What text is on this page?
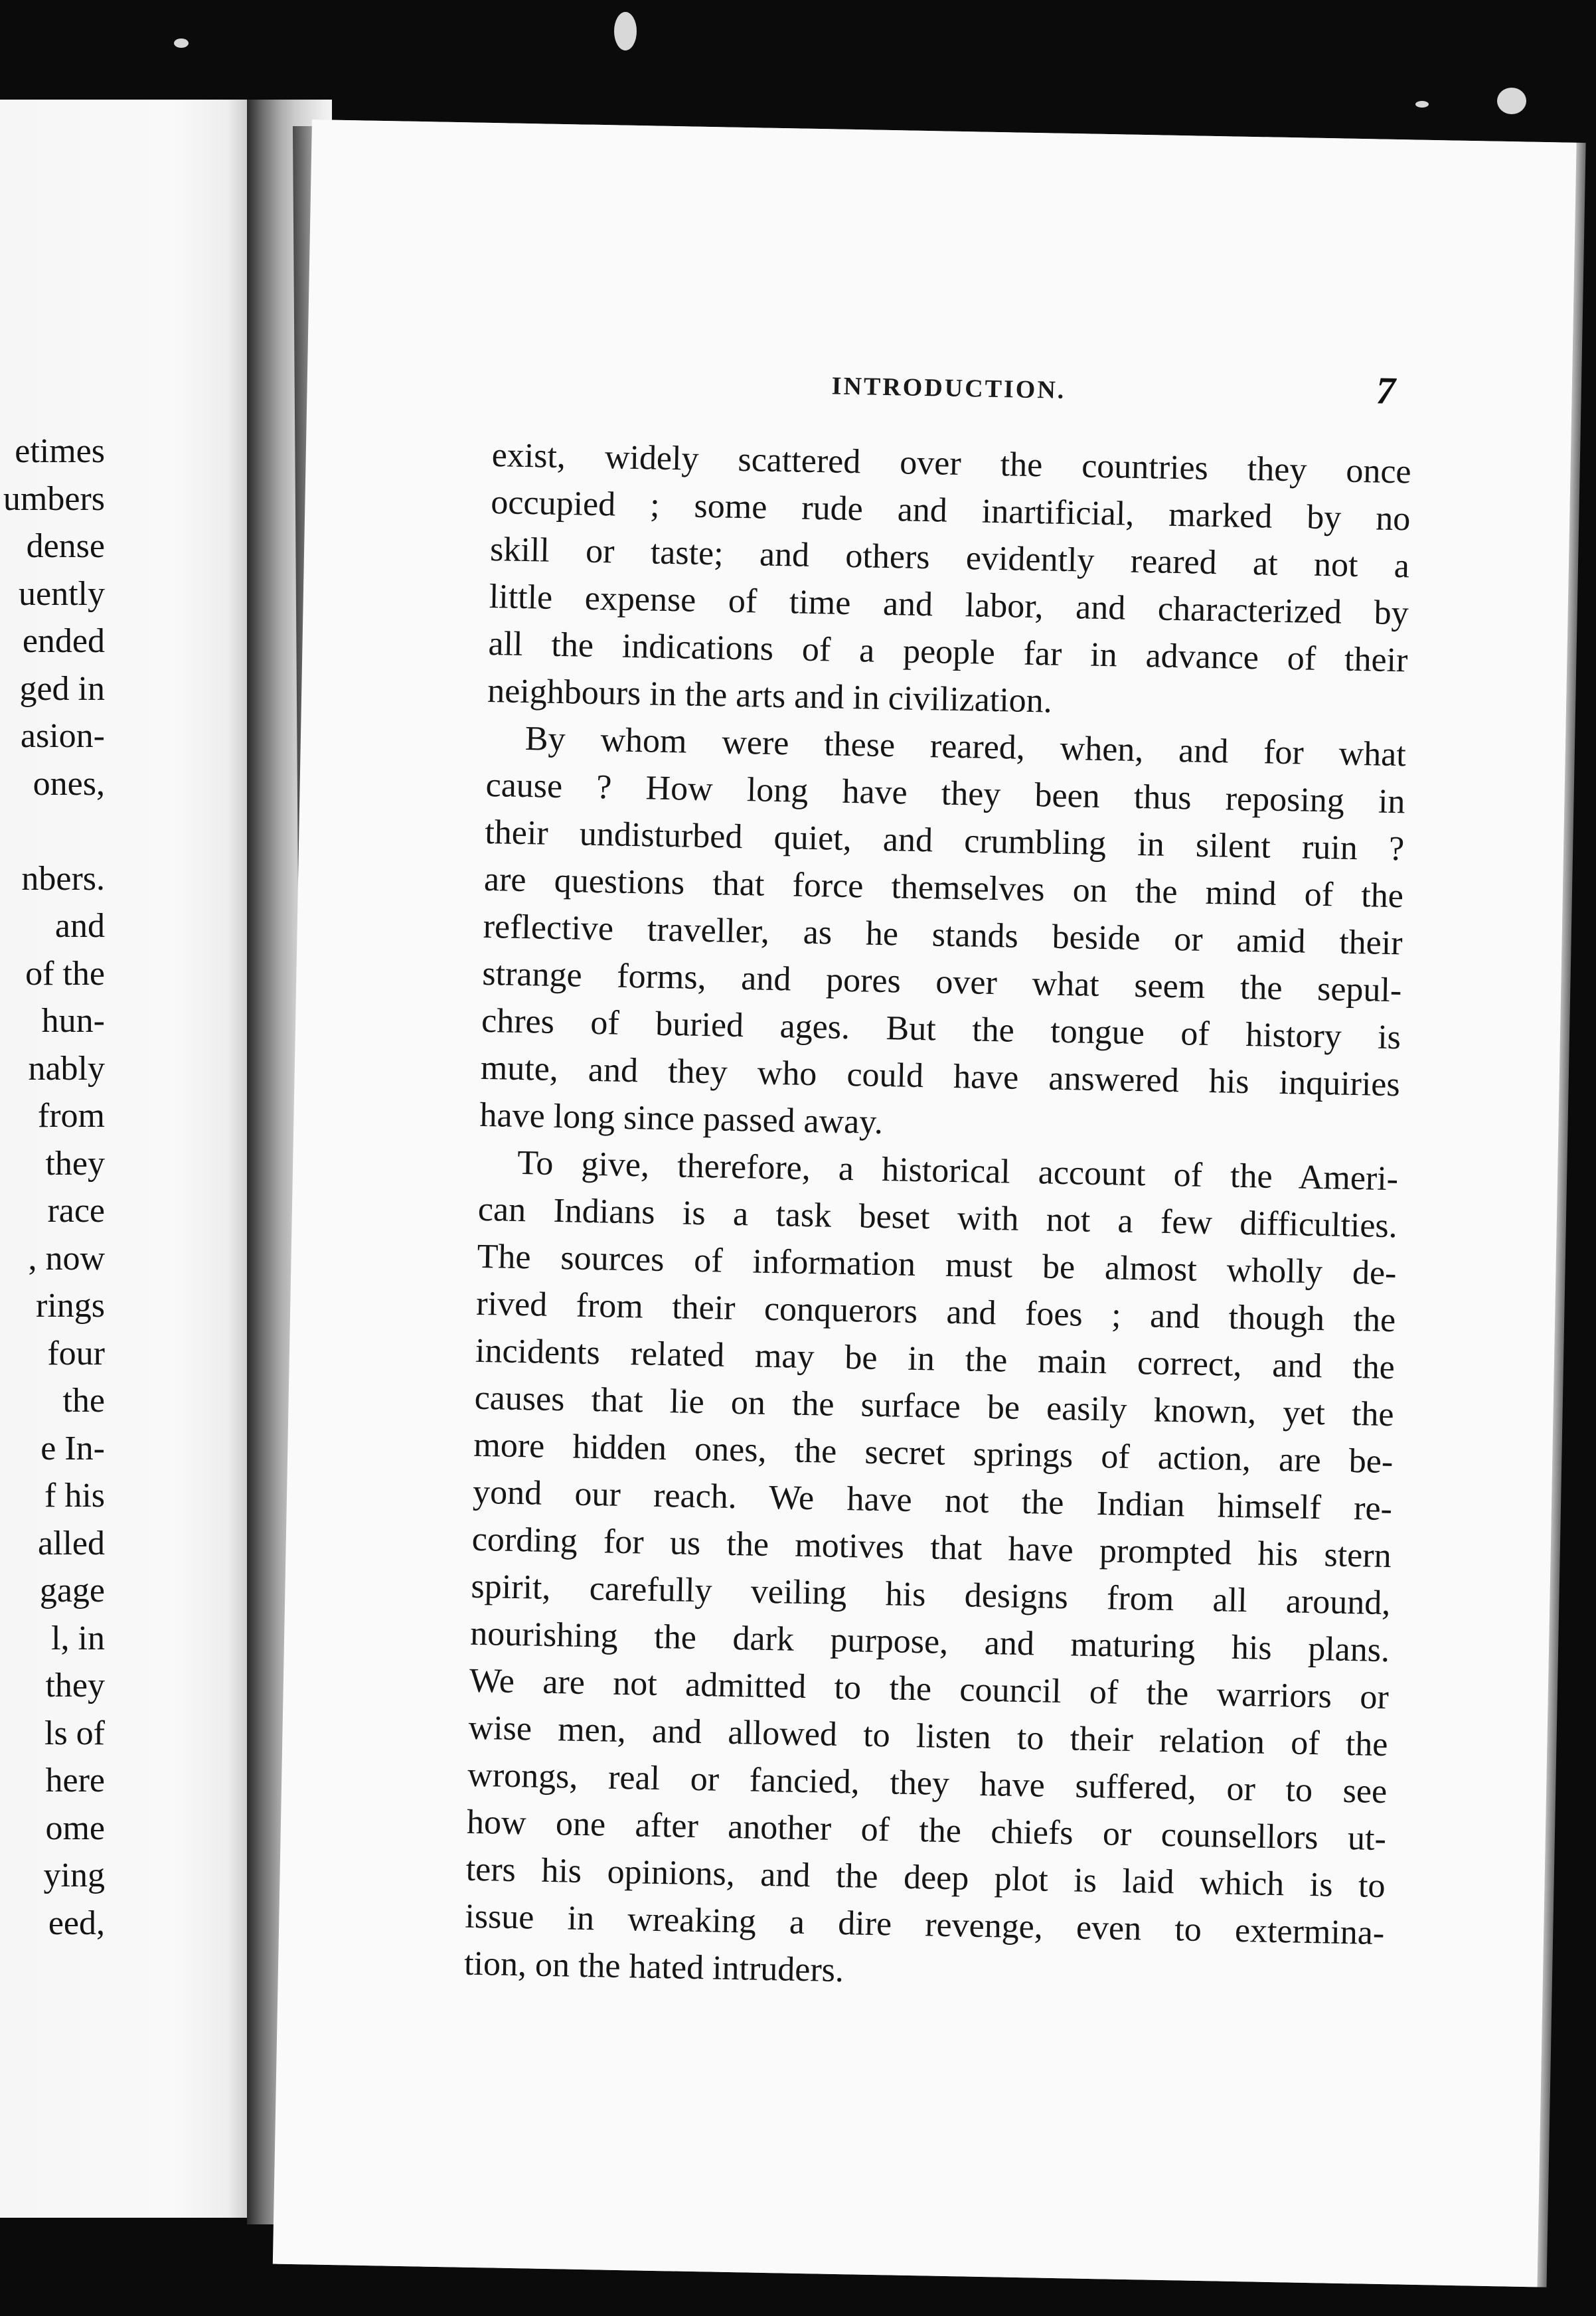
etimes
umbers
dense
uently
ended
ged in
asion-
ones,
nbers.
and
of the
hun-
nably
from
they
race
, now
rings
four
the
e In-
f his
alled
gage
l, in
they
ls of
here
ome
ying
eed,
INTRODUCTION.	7
exist, widely scattered over the countries they once
occupied ; some rude and inartificial, marked by no
skill or taste; and others evidently reared at not a
little expense of time and labor, and characterized by
all the indications of a people far in advance of their
neighbours in the arts and in civilization.
By whom were these reared, when, and for what
cause ? How long have they been thus reposing in
their undisturbed quiet, and crumbling in silent ruin ?
are questions that force themselves on the mind of the
reflective traveller, as he stands beside or amid their
strange forms, and pores over what seem the sepul-
chres of buried ages. But the tongue of history is
mute, and they who could have answered his inquiries
have long since passed away.
To give, therefore, a historical account of the Ameri-
can Indians is a task beset with not a few difficulties.
The sources of information must be almost wholly de-
rived from their conquerors and foes ; and though the
incidents related may be in the main correct, and the
causes that lie on the surface be easily known, yet the
more hidden ones, the secret springs of action, are be-
yond our reach. We have not the Indian himself re-
cording for us the motives that have prompted his stern
spirit, carefully veiling his designs from all around,
nourishing the dark purpose, and maturing his plans.
We are not admitted to the council of the warriors or
wise men, and allowed to listen to their relation of the
wrongs, real or fancied, they have suffered, or to see
how one after another of the chiefs or counsellors ut-
ters his opinions, and the deep plot is laid which is to
issue in wreaking a dire revenge, even to extermina-
tion, on the hated intruders.
